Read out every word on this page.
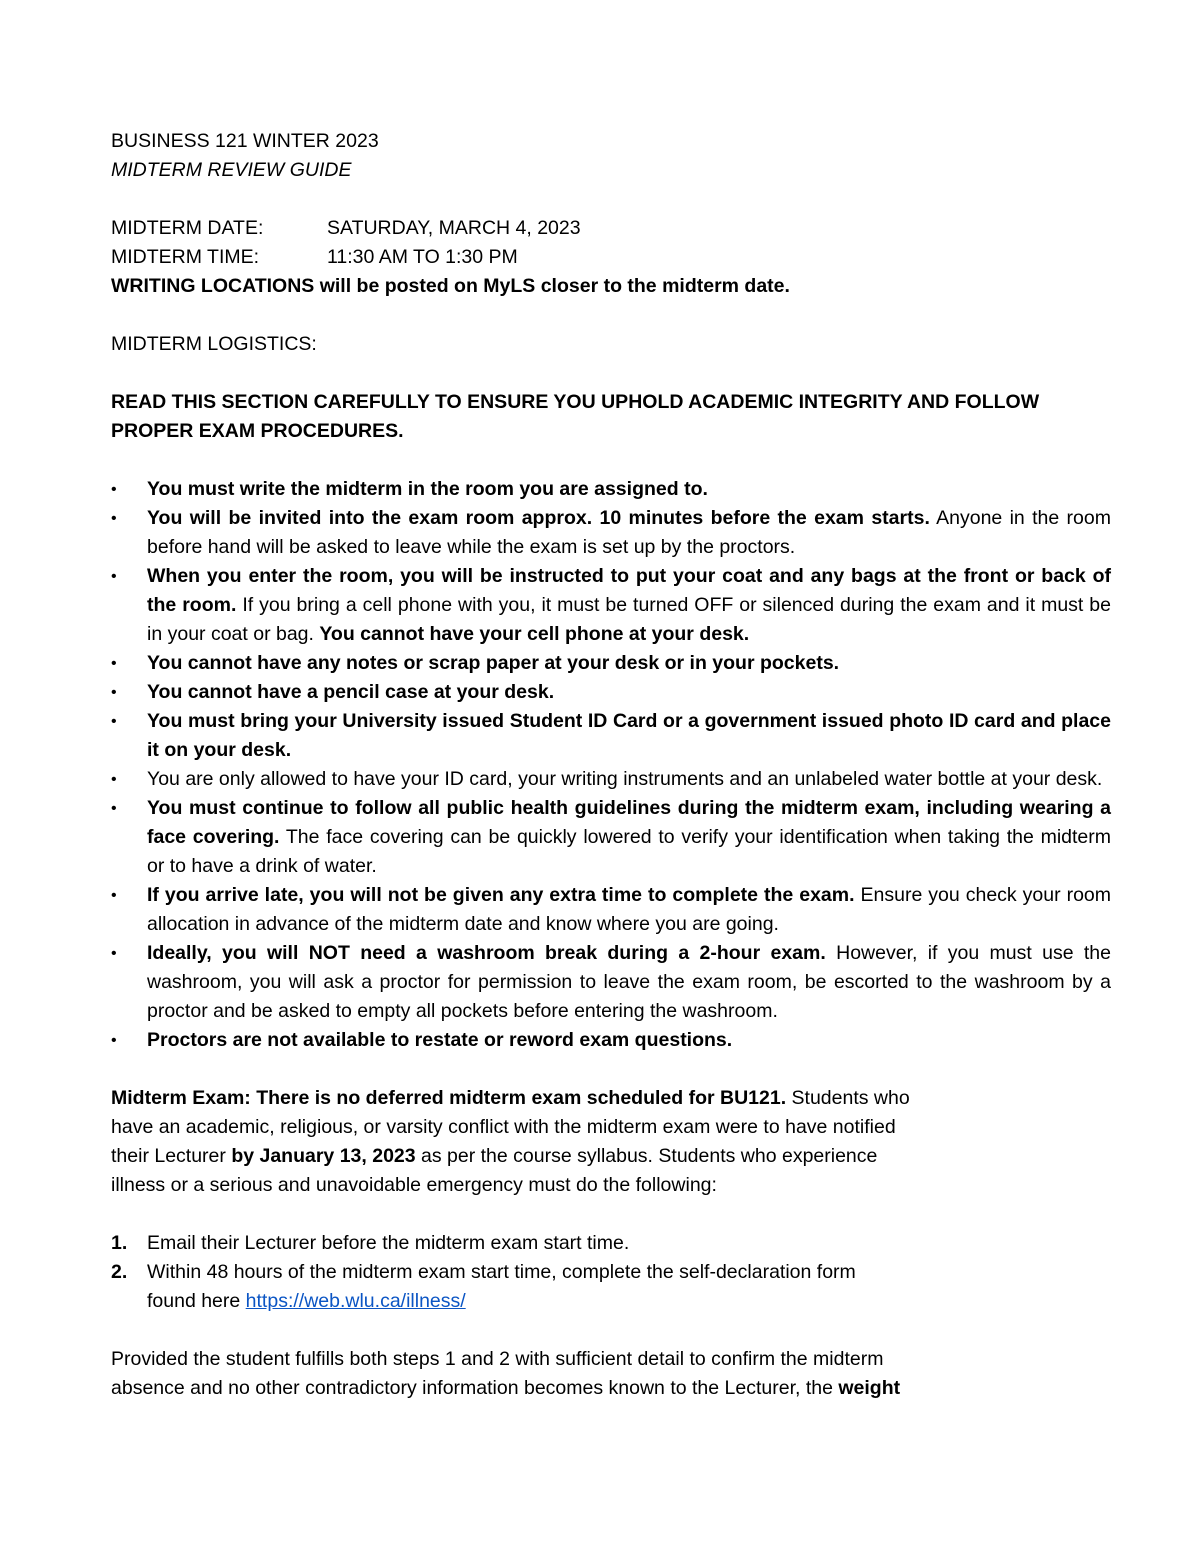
BUSINESS 121 WINTER 2023
MIDTERM REVIEW GUIDE
MIDTERM DATE:	SATURDAY, MARCH 4, 2023
MIDTERM TIME:	11:30 AM TO 1:30 PM
WRITING LOCATIONS will be posted on MyLS closer to the midterm date.
MIDTERM LOGISTICS:
READ THIS SECTION CAREFULLY TO ENSURE YOU UPHOLD ACADEMIC INTEGRITY AND FOLLOW
PROPER EXAM PROCEDURES.
• You must write the midterm in the room you are assigned to.
• You will be invited into the exam room approx. 10 minutes before the exam starts. Anyone in the room before hand will be asked to leave while the exam is set up by the proctors.
• When you enter the room, you will be instructed to put your coat and any bags at the front or back of the room. If you bring a cell phone with you, it must be turned OFF or silenced during the exam and it must be in your coat or bag. You cannot have your cell phone at your desk.
• You cannot have any notes or scrap paper at your desk or in your pockets.
• You cannot have a pencil case at your desk.
• You must bring your University issued Student ID Card or a government issued photo ID card and place it on your desk.
• You are only allowed to have your ID card, your writing instruments and an unlabeled water bottle at your desk.
• You must continue to follow all public health guidelines during the midterm exam, including wearing a face covering. The face covering can be quickly lowered to verify your identification when taking the midterm or to have a drink of water.
• If you arrive late, you will not be given any extra time to complete the exam. Ensure you check your room allocation in advance of the midterm date and know where you are going.
• Ideally, you will NOT need a washroom break during a 2-hour exam. However, if you must use the washroom, you will ask a proctor for permission to leave the exam room, be escorted to the washroom by a proctor and be asked to empty all pockets before entering the washroom.
• Proctors are not available to restate or reword exam questions.
Midterm Exam: There is no deferred midterm exam scheduled for BU121. Students who
have an academic, religious, or varsity conflict with the midterm exam were to have notified
their Lecturer by January 13, 2023 as per the course syllabus. Students who experience
illness or a serious and unavoidable emergency must do the following:
1. Email their Lecturer before the midterm exam start time.
2. Within 48 hours of the midterm exam start time, complete the self-declaration form
found here https://web.wlu.ca/illness/
Provided the student fulfills both steps 1 and 2 with sufficient detail to confirm the midterm
absence and no other contradictory information becomes known to the Lecturer, the weight
